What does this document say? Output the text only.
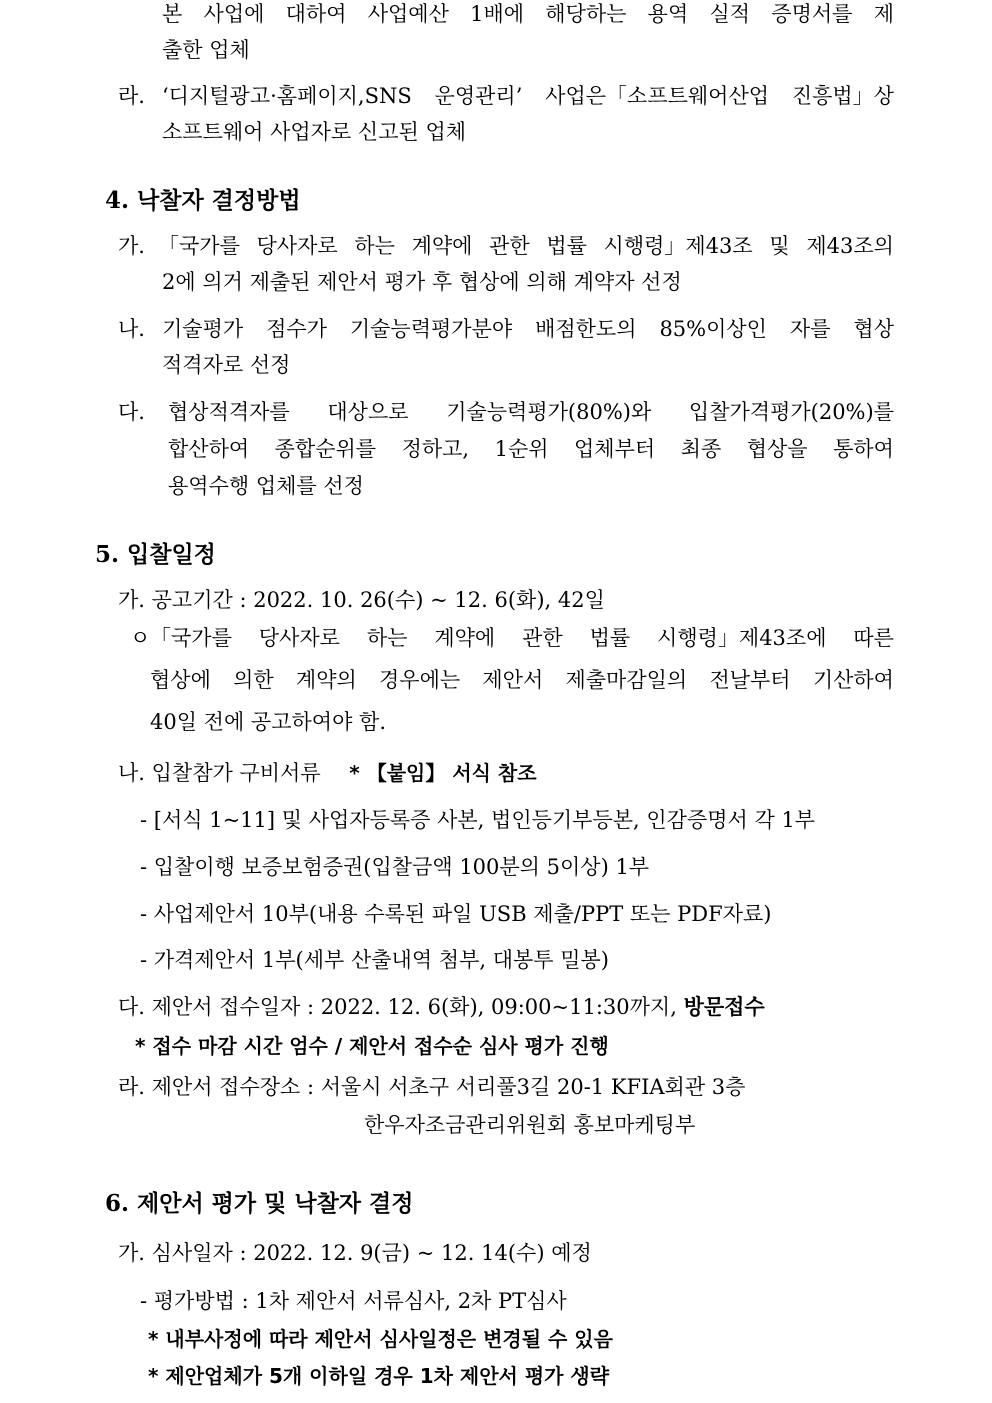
본 사업에 대하여 사업예산 1배에 해당하는 용역 실적 증명서를 제
출한 업체
라. ‘디지털광고·홈페이지,SNS 운영관리’ 사업은「소프트웨어산업 진흥법」상
소프트웨어 사업자로 신고된 업체
4. 낙찰자 결정방법
가. 「국가를 당사자로 하는 계약에 관한 법률 시행령」제43조 및 제43조의
2에 의거 제출된 제안서 평가 후 협상에 의해 계약자 선정
나. 기술평가 점수가 기술능력평가분야 배점한도의 85%이상인 자를 협상
적격자로 선정
다. 협상적격자를 대상으로 기술능력평가(80%)와 입찰가격평가(20%)를
합산하여 종합순위를 정하고, 1순위 업체부터 최종 협상을 통하여
용역수행 업체를 선정
5. 입찰일정
가. 공고기간 : 2022. 10. 26(수) ~ 12. 6(화), 42일
ㅇ 「국가를 당사자로 하는 계약에 관한 법률 시행령」제43조에 따른
협상에 의한 계약의 경우에는 제안서 제출마감일의 전날부터 기산하여
40일 전에 공고하여야 함.
나. 입찰참가 구비서류 * 【붙임】 서식 참조
- [서식 1~11] 및 사업자등록증 사본, 법인등기부등본, 인감증명서 각 1부
- 입찰이행 보증보험증권(입찰금액 100분의 5이상) 1부
- 사업제안서 10부(내용 수록된 파일 USB 제출/PPT 또는 PDF자료)
- 가격제안서 1부(세부 산출내역 첨부, 대봉투 밀봉)
다. 제안서 접수일자 : 2022. 12. 6(화), 09:00~11:30까지, 방문접수
* 접수 마감 시간 엄수 / 제안서 접수순 심사 평가 진행
라. 제안서 접수장소 : 서울시 서초구 서리풀3길 20-1 KFIA회관 3층
한우자조금관리위원회 홍보마케팅부
6. 제안서 평가 및 낙찰자 결정
가. 심사일자 : 2022. 12. 9(금) ~ 12. 14(수) 예정
- 평가방법 : 1차 제안서 서류심사, 2차 PT심사
* 내부사정에 따라 제안서 심사일정은 변경될 수 있음
* 제안업체가 5개 이하일 경우 1차 제안서 평가 생략
